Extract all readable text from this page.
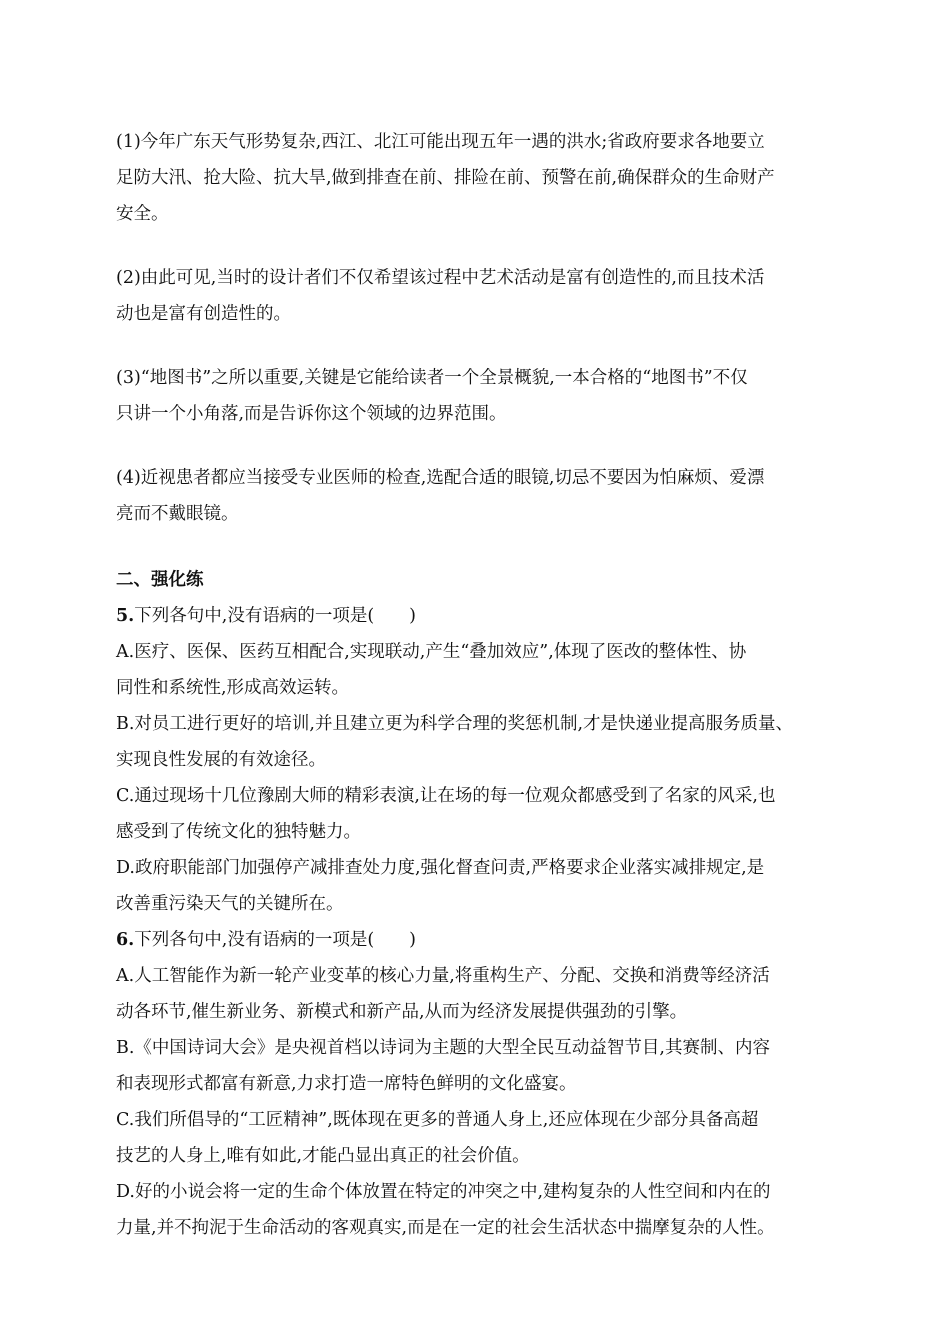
(1)今年广东天气形势复杂,西江、北江可能出现五年一遇的洪水;省政府要求各地要立
足防大汛、抢大险、抗大旱,做到排查在前、排险在前、预警在前,确保群众的生命财产
安全。
(2)由此可见,当时的设计者们不仅希望该过程中艺术活动是富有创造性的,而且技术活
动也是富有创造性的。
(3)“地图书”之所以重要,关键是它能给读者一个全景概貌,一本合格的“地图书”不仅
只讲一个小角落,而是告诉你这个领域的边界范围。
(4)近视患者都应当接受专业医师的检查,选配合适的眼镜,切忌不要因为怕麻烦、爱漂
亮而不戴眼镜。
二、强化练
5.下列各句中,没有语病的一项是(　　)
A.医疗、医保、医药互相配合,实现联动,产生“叠加效应”,体现了医改的整体性、协
同性和系统性,形成高效运转。
B.对员工进行更好的培训,并且建立更为科学合理的奖惩机制,才是快递业提高服务质量、
实现良性发展的有效途径。
C.通过现场十几位豫剧大师的精彩表演,让在场的每一位观众都感受到了名家的风采,也
感受到了传统文化的独特魅力。
D.政府职能部门加强停产减排查处力度,强化督查问责,严格要求企业落实减排规定,是
改善重污染天气的关键所在。
6.下列各句中,没有语病的一项是(　　)
A.人工智能作为新一轮产业变革的核心力量,将重构生产、分配、交换和消费等经济活
动各环节,催生新业务、新模式和新产品,从而为经济发展提供强劲的引擎。
B.《中国诗词大会》是央视首档以诗词为主题的大型全民互动益智节目,其赛制、内容
和表现形式都富有新意,力求打造一席特色鲜明的文化盛宴。
C.我们所倡导的“工匠精神”,既体现在更多的普通人身上,还应体现在少部分具备高超
技艺的人身上,唯有如此,才能凸显出真正的社会价值。
D.好的小说会将一定的生命个体放置在特定的冲突之中,建构复杂的人性空间和内在的
力量,并不拘泥于生命活动的客观真实,而是在一定的社会生活状态中揣摩复杂的人性。
